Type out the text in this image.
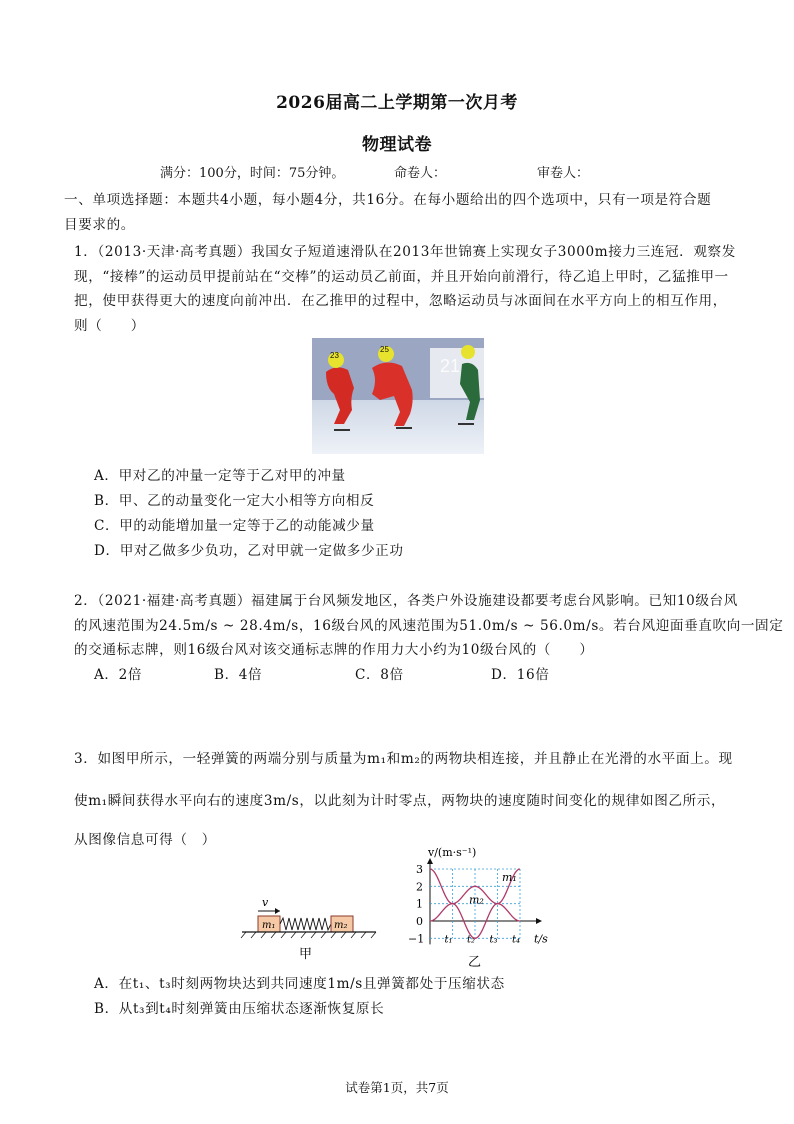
2026届高二上学期第一次月考
物理试卷
满分：100分，时间：75分钟。	命卷人：	审卷人：
一、单项选择题：本题共4小题，每小题4分，共16分。在每小题给出的四个选项中，只有一项是符合题
目要求的。
1．（2013·天津·高考真题）我国女子短道速滑队在2013年世锦赛上实现女子3000m接力三连冠．观察发
现，“接棒”的运动员甲提前站在“交棒”的运动员乙前面，并且开始向前滑行，待乙追上甲时，乙猛推甲一
把，使甲获得更大的速度向前冲出．在乙推甲的过程中，忽略运动员与冰面间在水平方向上的相互作用，
则（　　）
23
25
21
A．甲对乙的冲量一定等于乙对甲的冲量
B．甲、乙的动量变化一定大小相等方向相反
C．甲的动能增加量一定等于乙的动能减少量
D．甲对乙做多少负功，乙对甲就一定做多少正功
2．（2021·福建·高考真题）福建属于台风频发地区，各类户外设施建设都要考虑台风影响。已知10级台风
的风速范围为24.5m/s ~ 28.4m/s，16级台风的风速范围为51.0m/s ~ 56.0m/s。若台风迎面垂直吹向一固定
的交通标志牌，则16级台风对该交通标志牌的作用力大小约为10级台风的（　　）
A．2倍	B．4倍	C．8倍	D．16倍
3．如图甲所示，一轻弹簧的两端分别与质量为m₁和m₂的两物块相连接，并且静止在光滑的水平面上。现
使m₁瞬间获得水平向右的速度3m/s，以此刻为计时零点，两物块的速度随时间变化的规律如图乙所示，
从图像信息可得（　）
v
m₁	m₂
甲
v/(m·s⁻¹)
3
2
1
0
−1 t₁ t₂ t₃ t₄
m₂
m₁
t/s
乙
A．在t₁、t₃时刻两物块达到共同速度1m/s且弹簧都处于压缩状态
B．从t₃到t₄时刻弹簧由压缩状态逐渐恢复原长
试卷第1页，共7页
